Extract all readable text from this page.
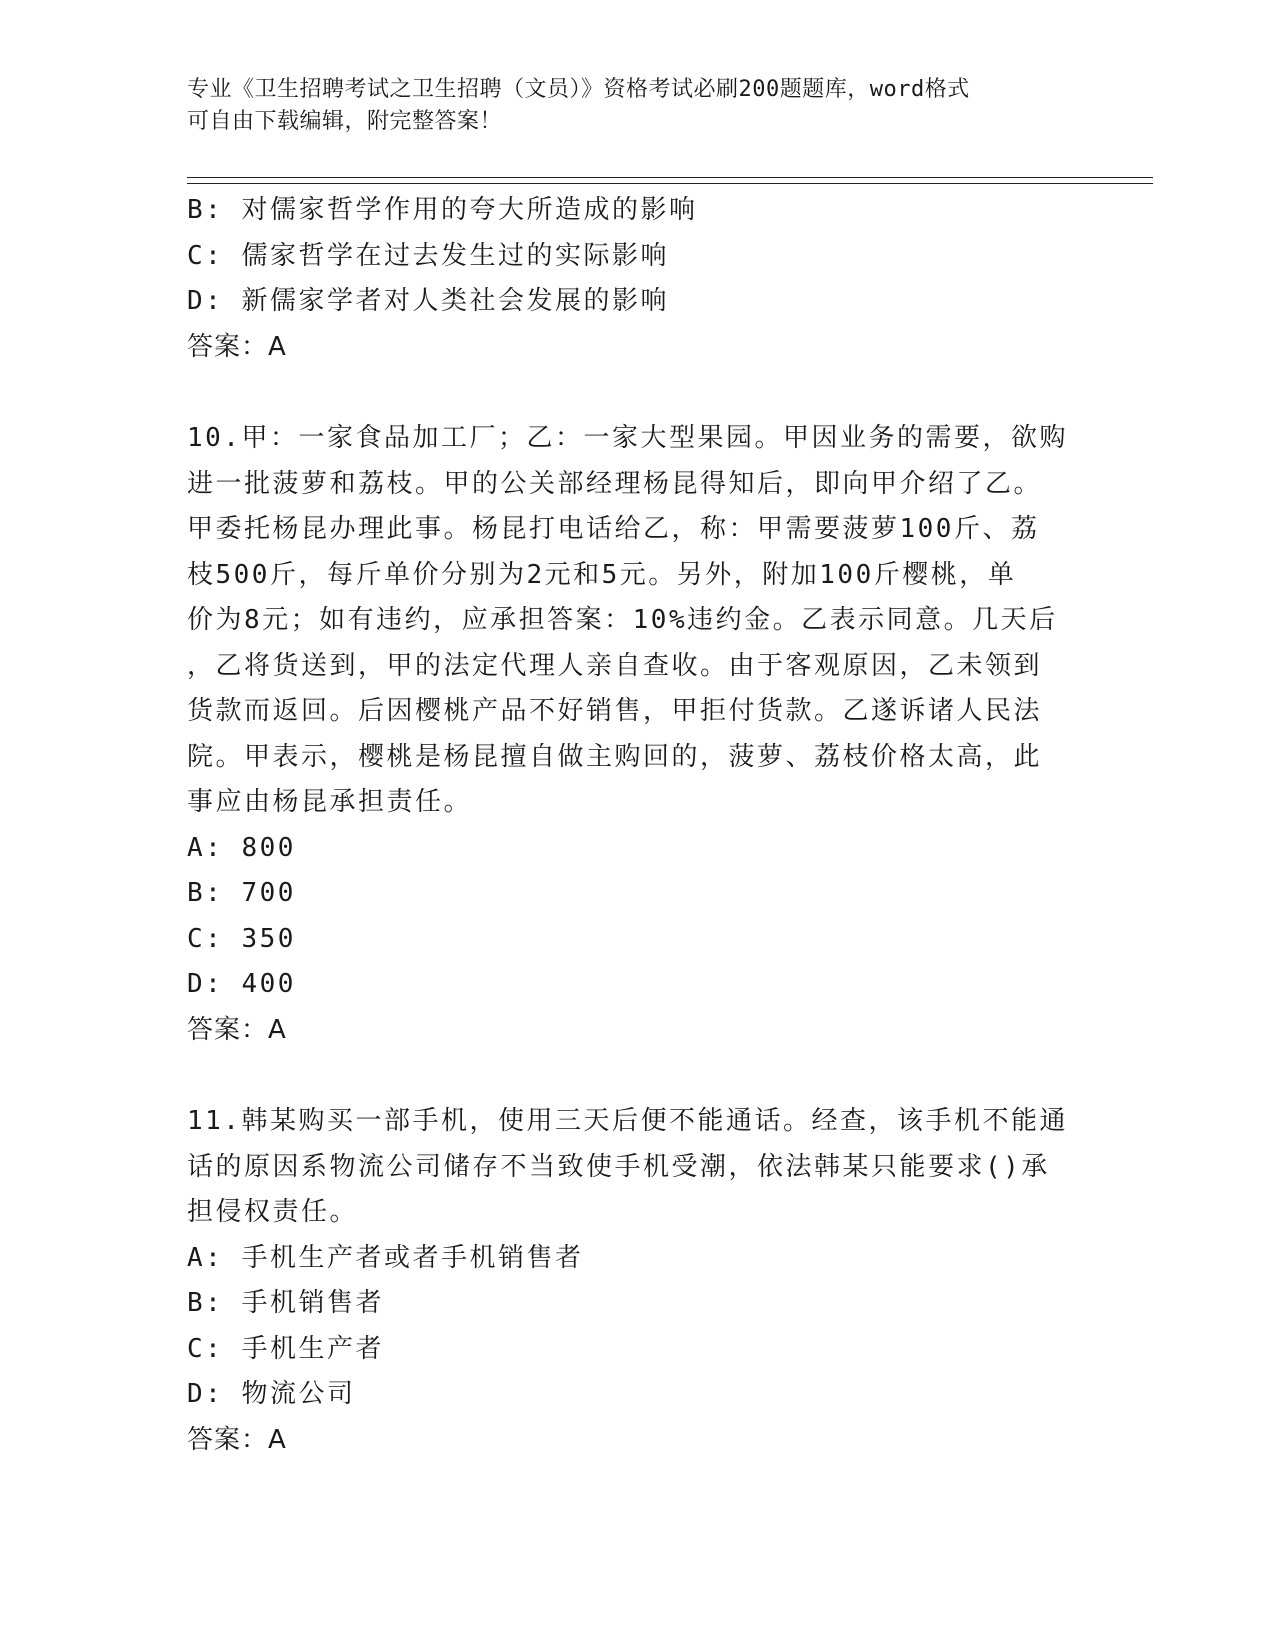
专业《卫生招聘考试之卫生招聘（文员）》资格考试必刷200题题库，word格式
可自由下载编辑，附完整答案！
B: 对儒家哲学作用的夸大所造成的影响
C: 儒家哲学在过去发生过的实际影响
D: 新儒家学者对人类社会发展的影响
答案：A
10.甲：一家食品加工厂；乙：一家大型果园。甲因业务的需要，欲购
进一批菠萝和荔枝。甲的公关部经理杨昆得知后，即向甲介绍了乙。
甲委托杨昆办理此事。杨昆打电话给乙，称：甲需要菠萝100斤、荔
枝500斤，每斤单价分别为2元和5元。另外，附加100斤樱桃，单
价为8元；如有违约，应承担答案：10%违约金。乙表示同意。几天后
，乙将货送到，甲的法定代理人亲自查收。由于客观原因，乙未领到
货款而返回。后因樱桃产品不好销售，甲拒付货款。乙遂诉诸人民法
院。甲表示，樱桃是杨昆擅自做主购回的，菠萝、荔枝价格太高，此
事应由杨昆承担责任。
A: 800
B: 700
C: 350
D: 400
答案：A
11.韩某购买一部手机，使用三天后便不能通话。经查，该手机不能通
话的原因系物流公司储存不当致使手机受潮，依法韩某只能要求()承
担侵权责任。
A: 手机生产者或者手机销售者
B: 手机销售者
C: 手机生产者
D: 物流公司
答案：A
